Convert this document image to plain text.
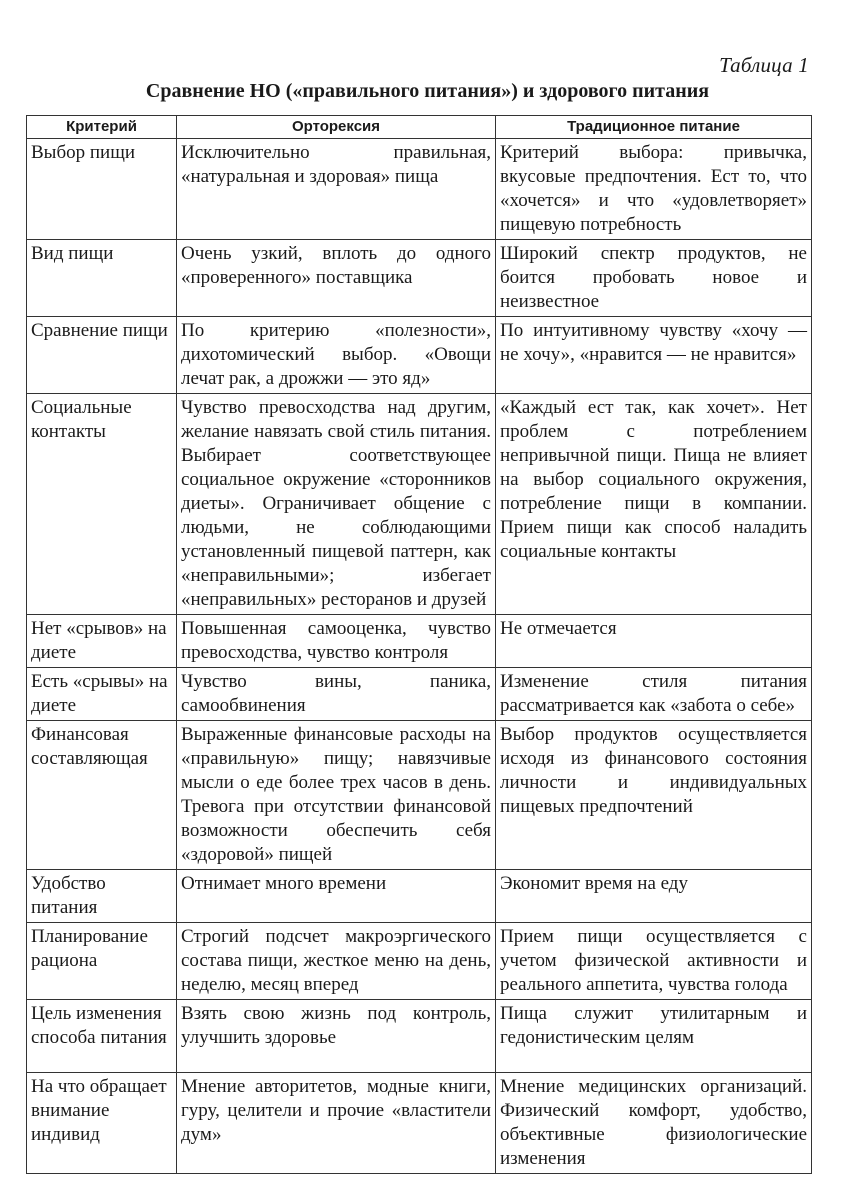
Таблица 1
Сравнение НО («правильного питания») и здорового питания
Критерий	Орторексия	Традиционное питание
Выбор пищи	Исключительно правильная, «натуральная и здоровая» пища	Критерий выбора: привычка, вкусовые предпочтения. Ест то, что «хочется» и что «удовлетворяет» пищевую потребность
Вид пищи	Очень узкий, вплоть до одного «проверенного» поставщика	Широкий спектр продуктов, не боится пробовать новое и неизвестное
Сравнение пищи	По критерию «полезности», дихотомический выбор. «Овощи лечат рак, а дрожжи — это яд»	По интуитивному чувству «хочу — не хочу», «нравится — не нравится»
Социальные контакты	Чувство превосходства над другим, желание навязать свой стиль питания. Выбирает соответствующее социальное окружение «сторонников диеты». Ограничивает общение с людьми, не соблюдающими установленный пищевой паттерн, как «неправильными»; избегает «неправильных» ресторанов и друзей	«Каждый ест так, как хочет». Нет проблем с потреблением непривычной пищи. Пища не влияет на выбор социального окружения, потребление пищи в компании. Прием пищи как способ наладить социальные контакты
Нет «срывов» на диете	Повышенная самооценка, чувство превосходства, чувство контроля	Не отмечается
Есть «срывы» на диете	Чувство вины, паника, самообвинения	Изменение стиля питания рассматривается как «забота о себе»
Финансовая составляющая	Выраженные финансовые расходы на «правильную» пищу; навязчивые мысли о еде более трех часов в день. Тревога при отсутствии финансовой возможности обеспечить себя «здоровой» пищей	Выбор продуктов осуществляется исходя из финансового состояния личности и индивидуальных пищевых предпочтений
Удобство питания	Отнимает много времени	Экономит время на еду
Планирование рациона	Строгий подсчет макроэргического состава пищи, жесткое меню на день, неделю, месяц вперед	Прием пищи осуществляется с учетом физической активности и реального аппетита, чувства голода
Цель изменения способа питания	Взять свою жизнь под контроль, улучшить здоровье	Пища служит утилитарным и гедонистическим целям
На что обращает внимание индивид	Мнение авторитетов, модные книги, гуру, целители и прочие «властители дум»	Мнение медицинских организаций. Физический комфорт, удобство, объективные физиологические изменения
